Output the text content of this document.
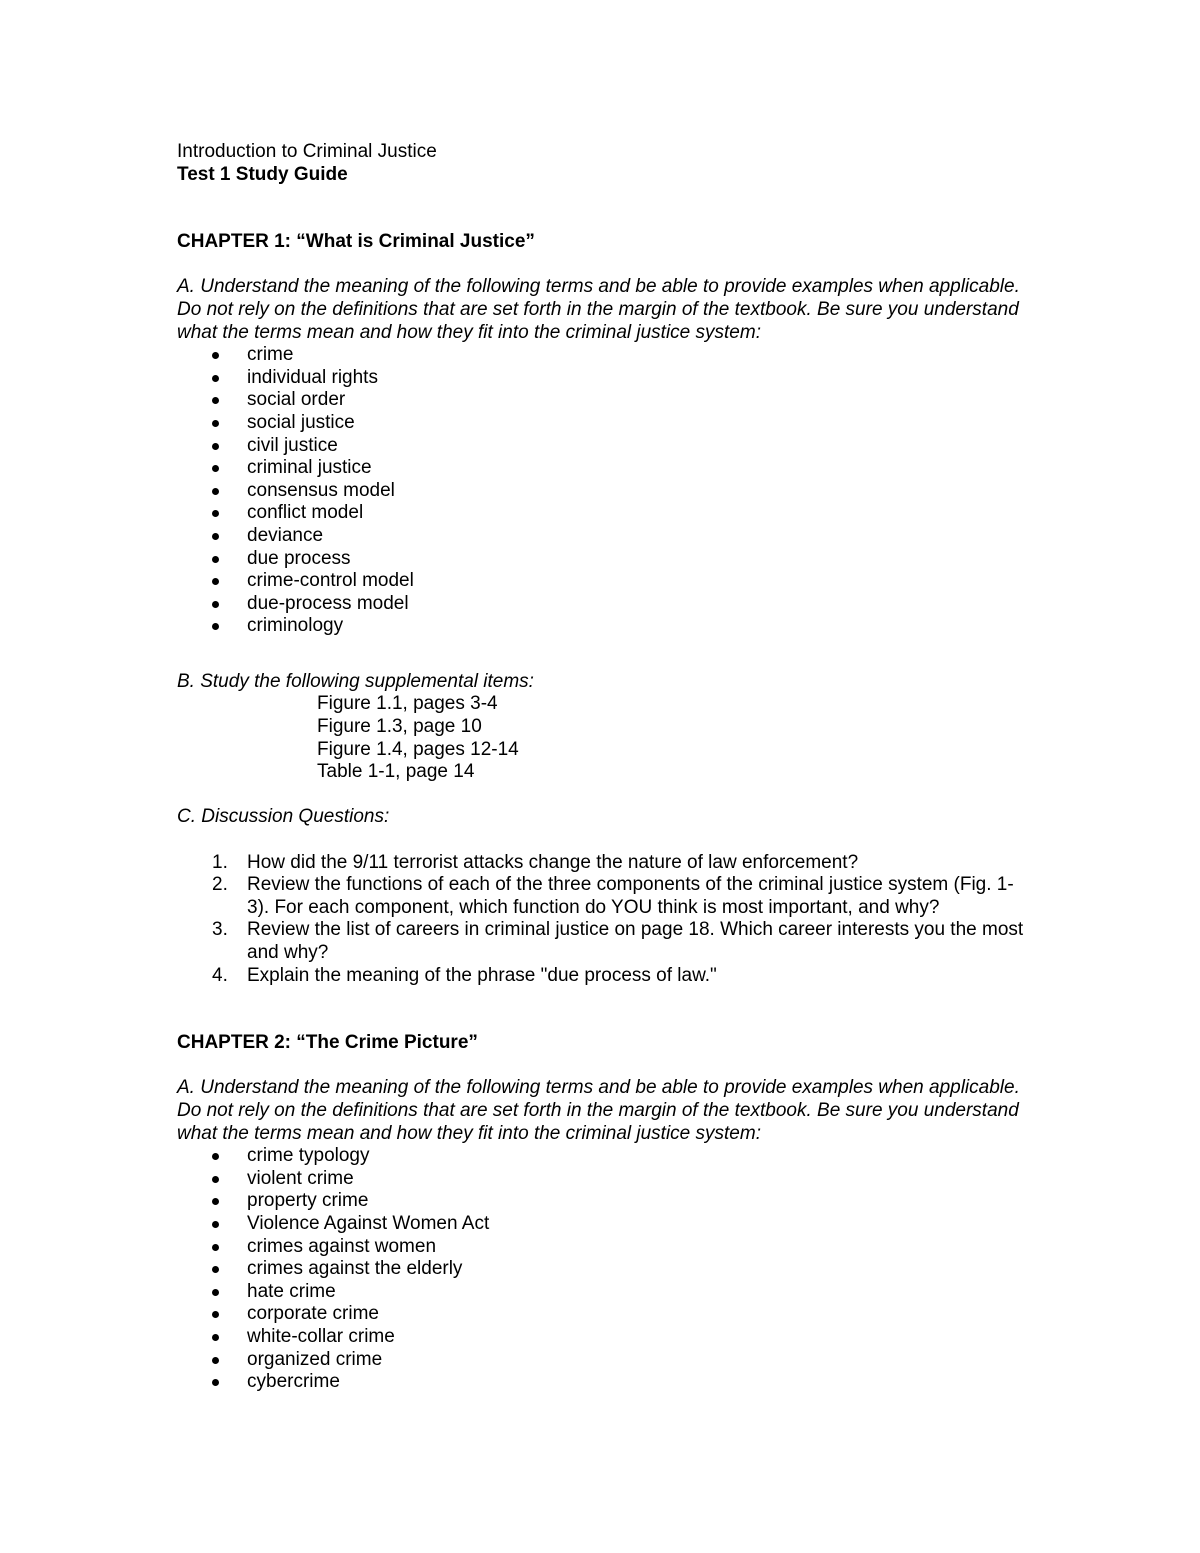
Introduction to Criminal Justice
Test 1 Study Guide
CHAPTER 1: “What is Criminal Justice”
A. Understand the meaning of the following terms and be able to provide examples when applicable. Do not rely on the definitions that are set forth in the margin of the textbook. Be sure you understand what the terms mean and how they fit into the criminal justice system:
crime
individual rights
social order
social justice
civil justice
criminal justice
consensus model
conflict model
deviance
due process
crime-control model
due-process model
criminology
B. Study the following supplemental items:
Figure 1.1, pages 3-4
Figure 1.3, page 10
Figure 1.4, pages 12-14
Table 1-1, page 14
C. Discussion Questions:
1.	How did the 9/11 terrorist attacks change the nature of law enforcement?
2.	Review the functions of each of the three components of the criminal justice system (Fig. 1-3). For each component, which function do YOU think is most important, and why?
3.	Review the list of careers in criminal justice on page 18. Which career interests you the most and why?
4.	Explain the meaning of the phrase "due process of law."
CHAPTER 2: “The Crime Picture”
A. Understand the meaning of the following terms and be able to provide examples when applicable. Do not rely on the definitions that are set forth in the margin of the textbook. Be sure you understand what the terms mean and how they fit into the criminal justice system:
crime typology
violent crime
property crime
Violence Against Women Act
crimes against women
crimes against the elderly
hate crime
corporate crime
white-collar crime
organized crime
cybercrime
